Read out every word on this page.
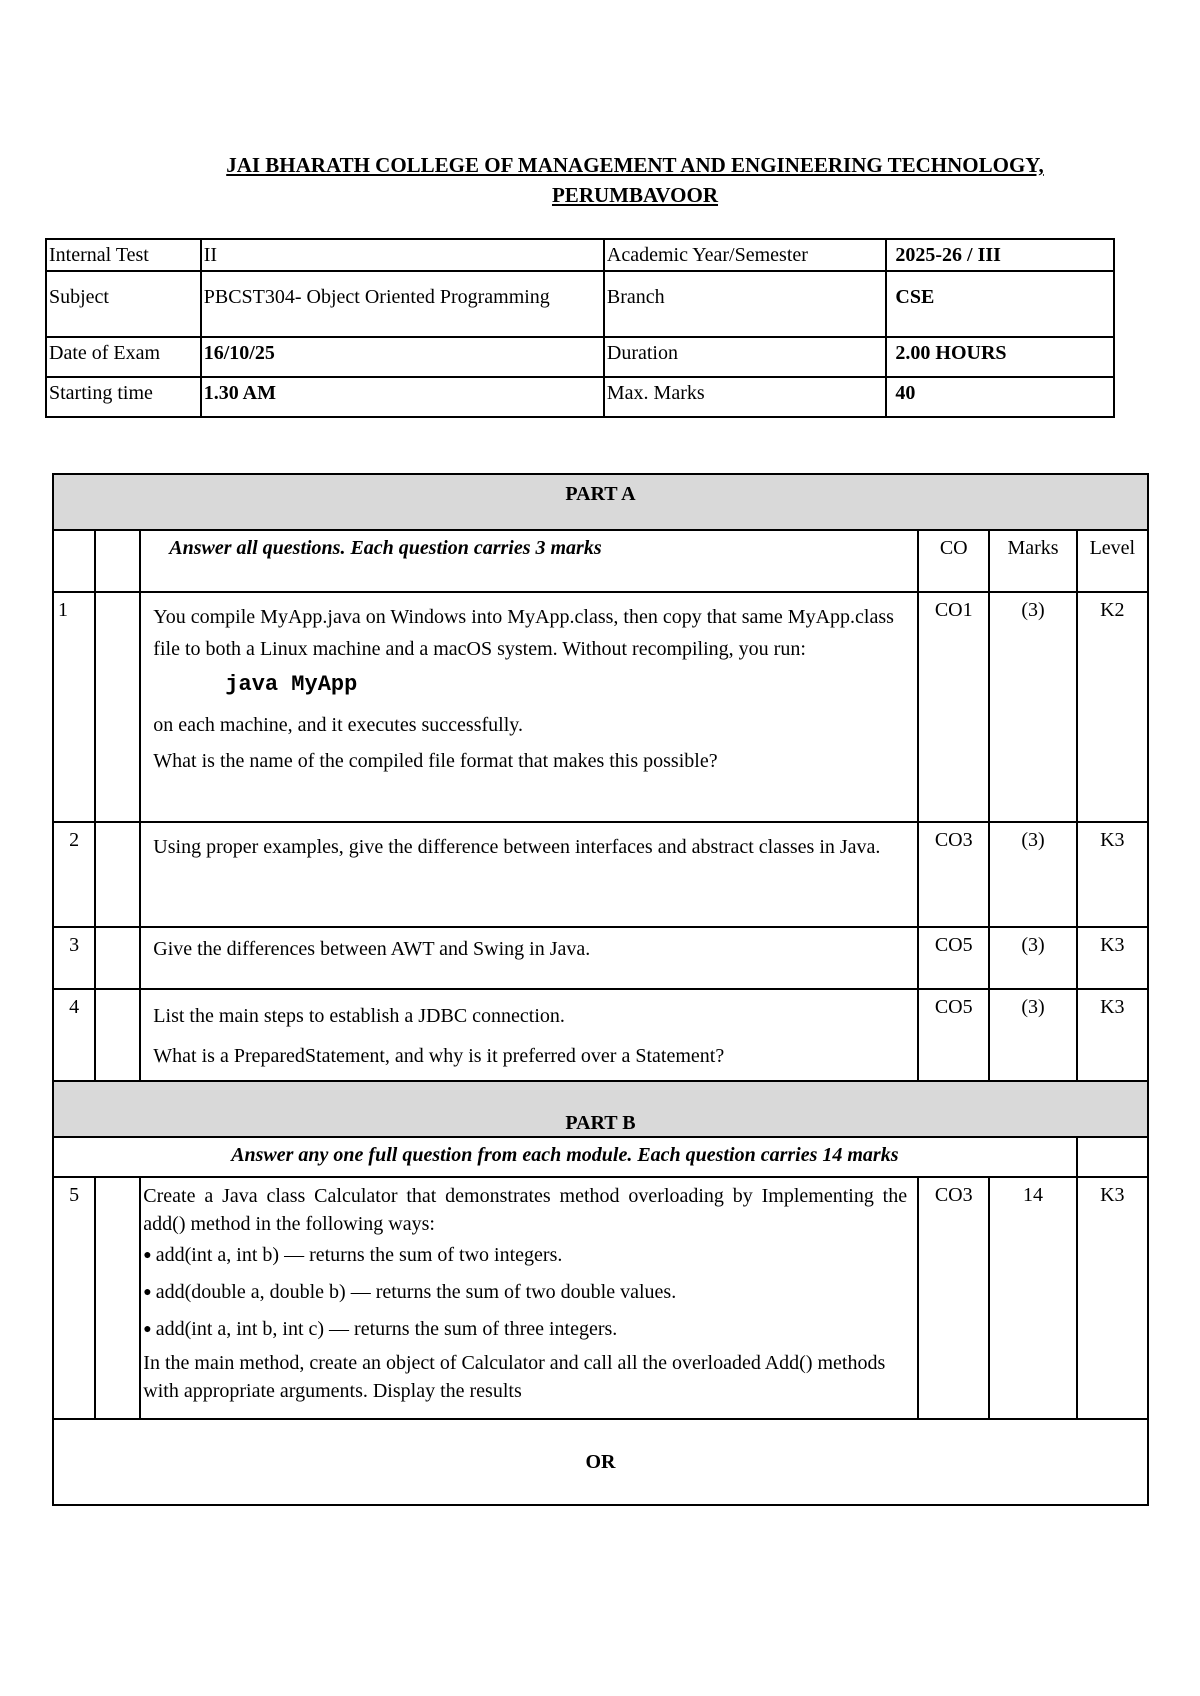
JAI BHARATH COLLEGE OF MANAGEMENT AND ENGINEERING TECHNOLOGY,
PERUMBAVOOR
Internal Test	II	Academic Year/Semester	2025-26 / III
Subject	PBCST304- Object Oriented Programming	Branch	CSE
Date of Exam	16/10/25	Duration	2.00 HOURS
Starting time	1.30 AM	Max. Marks	40
PART A					
		Answer all questions. Each question carries 3 marks	CO	Marks	Level
1		You compile MyApp.java on Windows into MyApp.class, then copy that same MyApp.class file to both a Linux machine and a macOS system. Without recompiling, you run:

java MyApp

on each machine, and it executes successfully.

What is the name of the compiled file format that makes this possible?	CO1	(3)	K2
2		Using proper examples, give the difference between interfaces and abstract classes in Java.	CO3	(3)	K3
3		Give the differences between AWT and Swing in Java.	CO5	(3)	K3
4		List the main steps to establish a JDBC connection.

What is a PreparedStatement, and why is it preferred over a Statement?	CO5	(3)	K3
PART B					
Answer any one full question from each module. Each question carries 14 marks					
5		Create a Java class Calculator that demonstrates method overloading by Implementing the add() method in the following ways:

● add(int a, int b) — returns the sum of two integers.

● add(double a, double b) — returns the sum of two double values.

● add(int a, int b, int c) — returns the sum of three integers.

In the main method, create an object of Calculator and call all the overloaded Add() methods with appropriate arguments. Display the results	CO3	14	K3
OR					
